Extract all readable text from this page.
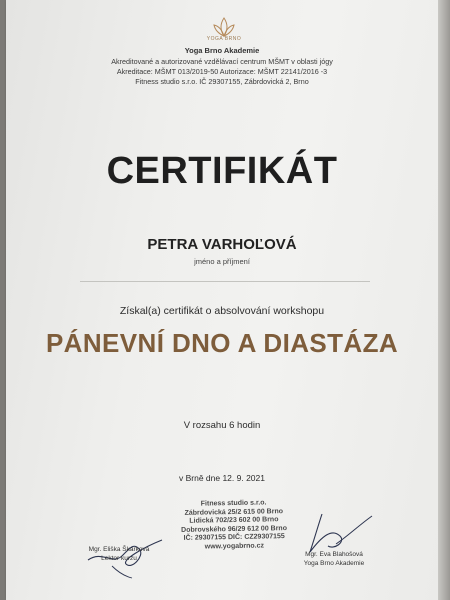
YOGA BRNO
Yoga Brno Akademie
Akreditované a autorizované vzdělávací centrum MŠMT v oblasti jógy
Akreditace: MŠMT 013/2019-50 Autorizace: MŠMT 22141/2016 -3
Fitness studio s.r.o. IČ 29307155, Zábrdovická 2, Brno
CERTIFIKÁT
PETRA VARHOĽOVÁ
jméno a příjmení
Získal(a) certifikát o absolvování workshopu
PÁNEVNÍ DNO A DIASTÁZA
V rozsahu 6 hodin
v Brně dne 12. 9. 2021
Fitness studio s.r.o.
Zábrdovická 25/2 615 00 Brno
Lidická 702/23 602 00 Brno
Dobrovského 96/29 612 00 Brno
IČ: 29307155 DIČ: CZ29307155
www.yogabrno.cz
Mgr. Eliška Škarková
Lektor kurzu
Mgr. Eva Blahošová
Yoga Brno Akademie
